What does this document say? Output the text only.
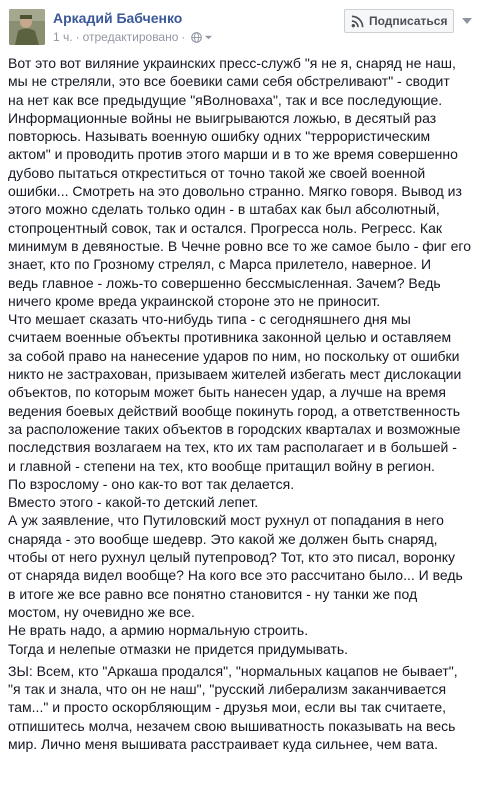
Аркадий Бабченко
1 ч. · отредактировано ·
Подписаться
Вот это вот виляние украинских пресс-служб "я не я, снаряд не наш,
мы не стреляли, это все боевики сами себя обстреливают" - сводит
на нет как все предыдущие "яВолноваха", так и все последующие.
Информационные войны не выигрываются ложью, в десятый раз
повторюсь. Называть военную ошибку одних "террористическим
актом" и проводить против этого марши и в то же время совершенно
дубово пытаться откреститься от точно такой же своей военной
ошибки... Смотреть на это довольно странно. Мягко говоря. Вывод из
этого можно сделать только один - в штабах как был абсолютный,
стопроцентный совок, так и остался. Прогресса ноль. Регресс. Как
минимум в девяностые. В Чечне ровно все то же самое было - фиг его
знает, кто по Грозному стрелял, с Марса прилетело, наверное. И
ведь главное - ложь-то совершенно бессмысленная. Зачем? Ведь
ничего кроме вреда украинской стороне это не приносит.
Что мешает сказать что-нибудь типа - с сегодняшнего дня мы
считаем военные объекты противника законной целью и оставляем
за собой право на нанесение ударов по ним, но поскольку от ошибки
никто не застрахован, призываем жителей избегать мест дислокации
объектов, по которым может быть нанесен удар, а лучше на время
ведения боевых действий вообще покинуть город, а ответственность
за расположение таких объектов в городских кварталах и возможные
последствия возлагаем на тех, кто их там располагает и в большей -
и главной - степени на тех, кто вообще притащил войну в регион.
По взрослому - оно как-то вот так делается.
Вместо этого - какой-то детский лепет.
А уж заявление, что Путиловский мост рухнул от попадания в него
снаряда - это вообще шедевр. Это какой же должен быть снаряд,
чтобы от него рухнул целый путепровод? Тот, кто это писал, воронку
от снаряда видел вообще? На кого все это рассчитано было... И ведь
в итоге же все равно все понятно становится - ну танки же под
мостом, ну очевидно же все.
Не врать надо, а армию нормальную строить.
Тогда и нелепые отмазки не придется придумывать.
ЗЫ: Всем, кто "Аркаша продался", "нормальных кацапов не бывает",
"я так и знала, что он не наш", "русский либерализм заканчивается
там..." и просто оскорбляющим - друзья мои, если вы так считаете,
отпишитесь молча, незачем свою вышиватность показывать на весь
мир. Лично меня вышивата расстраивает куда сильнее, чем вата.
